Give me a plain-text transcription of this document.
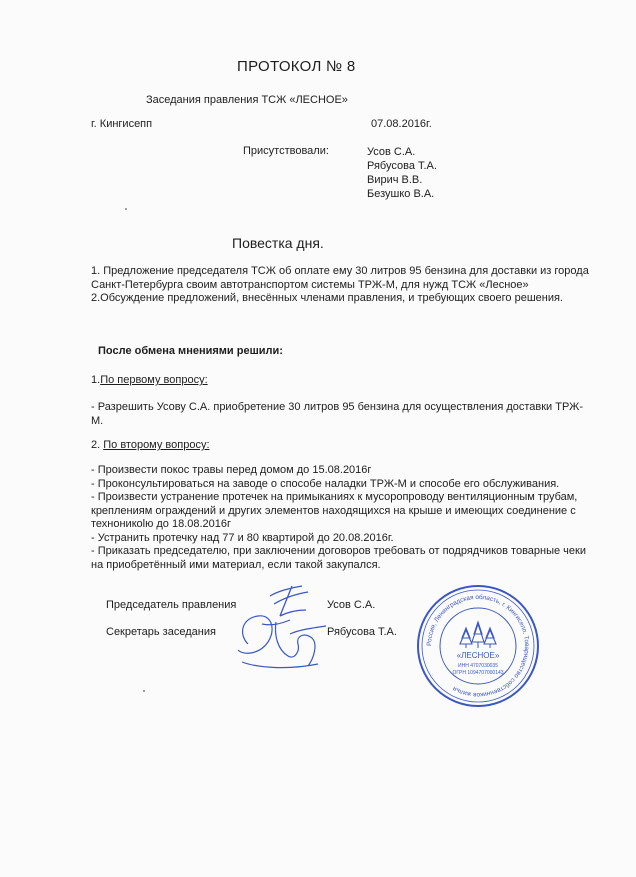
ПРОТОКОЛ № 8
Заседания правления ТСЖ «ЛЕСНОЕ»
г. Кингисепп	07.08.2016г.
Присутствовали:	Усов С.А.
Рябусова Т.А.
Вирич В.В.
Безушко В.А.
Повестка дня.

1. Предложение председателя ТСЖ об оплате ему 30 литров 95 бензина для доставки из города Санкт-Петербурга своим автотранспортом системы ТРЖ-М, для нужд ТСЖ «Лесное»

2.Обсуждение предложений, внесённых членами правления, и требующих своего решения.

После обмена мнениями решили:
1.По первому вопросу:
- Разрешить Усову С.А. приобретение 30 литров 95 бензина для осуществления доставки ТРЖ-М.
2. По второму вопросу:

- Произвести покос травы перед домом до 15.08.2016г

- Проконсультироваться на заводе о способе наладки ТРЖ-М и способе его обслуживания.

- Произвести устранение протечек на примыканиях к мусоропроводу вентиляционным трубам, креплениям ограждений и других элементов находящихся на крыше и имеющих соединение с техноникolю до 18.08.2016г

- Устранить протечку над 77 и 80 квартирой до 20.08.2016г.

- Приказать председателю, при заключении договоров требовать от подрядчиков товарные чеки на приобретённый ими материал, если такой закупался.

Председатель правления	Усов С.А.
Секретарь заседания	Рябусова Т.А.
Россия, Ленинградская область, г. Кингисепп. Товарищество собственников жилья
«ЛЕСНОЕ»
ИНН 4707030035
ОГРН 1094707000143
